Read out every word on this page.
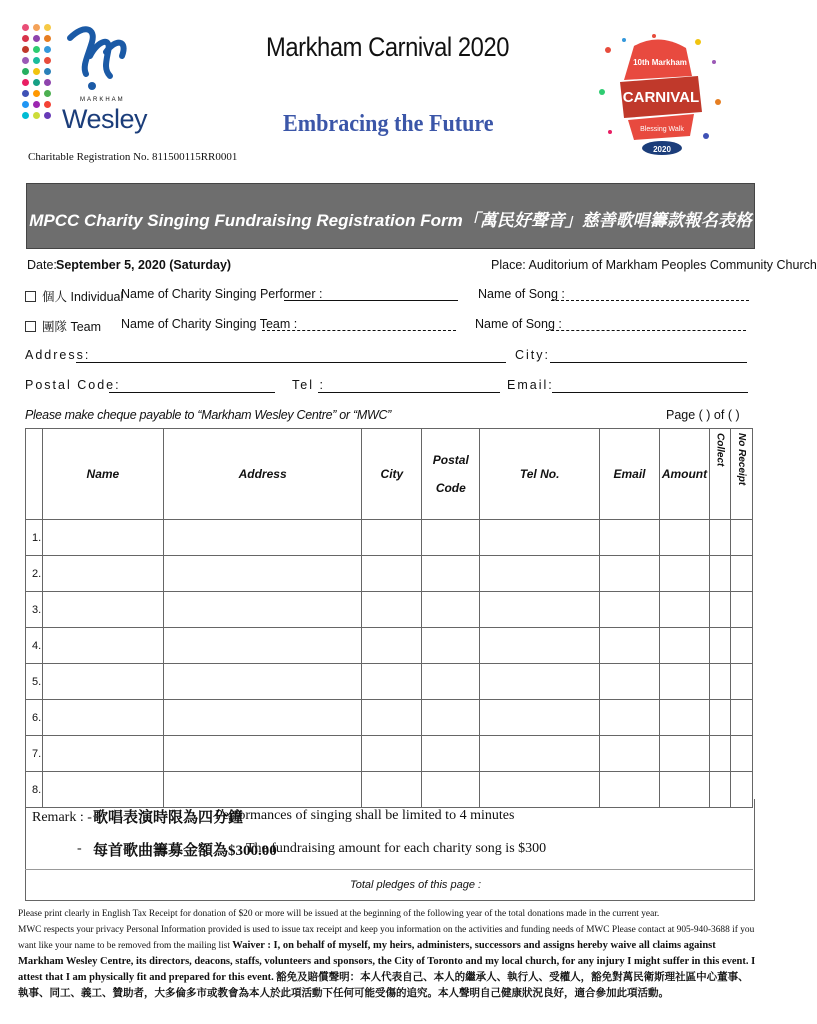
MARKHAM
Wesley
Markham Carnival 2020
Embracing the Future
Charitable Registration No. 811500115RR0001
10th Markham
CARNIVAL
Blessing Walk
2020
MPCC Charity Singing Fundraising Registration Form「萬民好聲音」慈善歌唱籌款報名表格
Date: September 5, 2020 (Saturday)	Place: Auditorium of Markham Peoples Community Church
個人 Individual
Name of Charity Singing Performer :	Name of Song :
團隊 Team Name of Charity Singing Team :	Name of Song :
Address:	City:
Postal Code:	Tel :	Email:
Please make cheque payable to “Markham Wesley Centre” or “MWC”	Page ( ) of ( )
	Name	Address	City	Postal

Code	Tel No.	Email	Amount	Collect	No Receipt
1.									
2.									
3.									
4.									
5.									
6.									
7.									
8.									
Remark : - 歌唱表演時限為四分鐘
Performances of singing shall be limited to 4 minutes
- 每首歌曲籌募金額為$300.00
The fundraising amount for each charity song is $300
Total pledges of this page :
Please print clearly in English Tax Receipt for donation of $20 or more will be issued at the beginning of the following year of the total donations made in the current year.
MWC respects your privacy Personal Information provided is used to issue tax receipt and keep you information on the activities and funding needs of MWC Please contact at 905-940-3688 if you want like your name to be removed from the mailing list Waiver : I, on behalf of myself, my heirs, administers, successors and assigns hereby waive all claims against Markham Wesley Centre, its directors, deacons, staffs, volunteers and sponsors, the City of Toronto and my local church, for any injury I might suffer in this event. I attest that I am physically fit and prepared for this event. 豁免及賠償聲明：本人代表自己、本人的繼承人、執行人、受權人，豁免對萬民衛斯理社區中心董事、執事、同工、義工、贊助者，大多倫多市或教會為本人於此項活動下任何可能受傷的追究。本人聲明自己健康狀況良好，適合參加此項活動。
